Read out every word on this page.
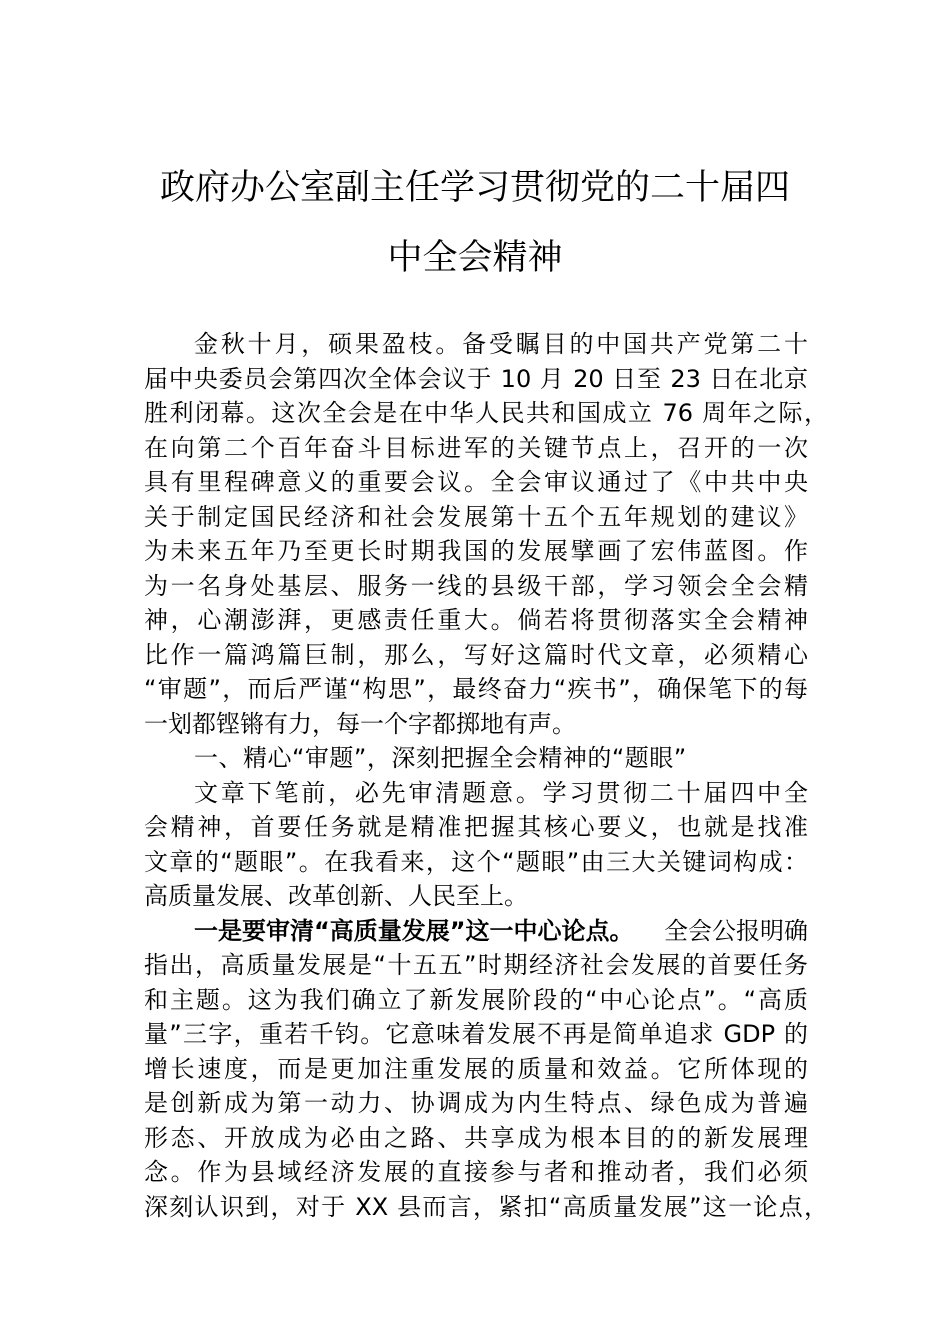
政府办公室副主任学习贯彻党的二十届四
中全会精神
金秋十月，硕果盈枝。备受瞩目的中国共产党第二十
届中央委员会第四次全体会议于 10 月 20 日至 23 日在北京
胜利闭幕。这次全会是在中华人民共和国成立 76 周年之际，
在向第二个百年奋斗目标进军的关键节点上，召开的一次
具有里程碑意义的重要会议。全会审议通过了《中共中央
关于制定国民经济和社会发展第十五个五年规划的建议》
为未来五年乃至更长时期我国的发展擘画了宏伟蓝图。作
为一名身处基层、服务一线的县级干部，学习领会全会精
神，心潮澎湃，更感责任重大。倘若将贯彻落实全会精神
比作一篇鸿篇巨制，那么，写好这篇时代文章，必须精心
“审题”，而后严谨“构思”，最终奋力“疾书”，确保笔下的每
一划都铿锵有力，每一个字都掷地有声。
一、精心“审题”，深刻把握全会精神的“题眼”
文章下笔前，必先审清题意。学习贯彻二十届四中全
会精神，首要任务就是精准把握其核心要义，也就是找准
文章的“题眼”。在我看来，这个“题眼”由三大关键词构成：
高质量发展、改革创新、人民至上。
一是要审清“高质量发展”这一中心论点。 全会公报明确
指出，高质量发展是“十五五”时期经济社会发展的首要任务
和主题。这为我们确立了新发展阶段的“中心论点”。“高质
量”三字，重若千钧。它意味着发展不再是简单追求 GDP 的
增长速度，而是更加注重发展的质量和效益。它所体现的
是创新成为第一动力、协调成为内生特点、绿色成为普遍
形态、开放成为必由之路、共享成为根本目的的新发展理
念。作为县域经济发展的直接参与者和推动者，我们必须
深刻认识到，对于 XX 县而言，紧扣“高质量发展”这一论点，
